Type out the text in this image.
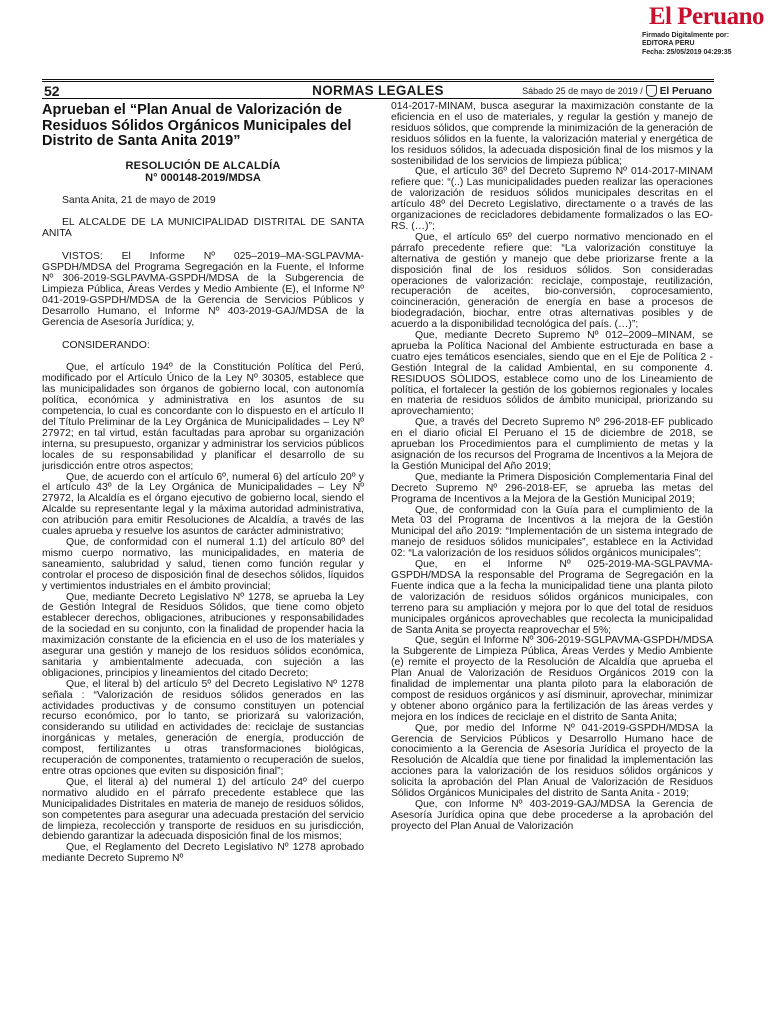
El Peruano
Firmado Digitalmente por:
EDITORA PERU
Fecha: 25/05/2019 04:29:35
52	NORMAS LEGALES	Sábado 25 de mayo de 2019 / El Peruano
Aprueban el “Plan Anual de Valorización de Residuos Sólidos Orgánicos Municipales del Distrito de Santa Anita 2019”
RESOLUCIÓN DE ALCALDÍA
N° 000148-2019/MDSA

Santa Anita, 21 de mayo de 2019

EL ALCALDE DE LA MUNICIPALIDAD DISTRITAL DE SANTA ANITA

VISTOS: El Informe Nº 025–2019–MA-SGLPAVMA-GSPDH/MDSA del Programa Segregación en la Fuente, el Informe Nº 306-2019-SGLPAVMA-GSPDH/MDSA de la Subgerencia de Limpieza Pública, Áreas Verdes y Medio Ambiente (E), el Informe Nº 041-2019-GSPDH/MDSA de la Gerencia de Servicios Públicos y Desarrollo Humano, el Informe Nº 403-2019-GAJ/MDSA de la Gerencia de Asesoría Jurídica; y,

CONSIDERANDO:

Que, el artículo 194º de la Constitución Política del Perú, modificado por el Artículo Único de la Ley Nº 30305, establece que las municipalidades son órganos de gobierno local, con autonomía política, económica y administrativa en los asuntos de su competencia, lo cual es concordante con lo dispuesto en el artículo II del Título Preliminar de la Ley Orgánica de Municipalidades – Ley Nº 27972; en tal virtud, están facultadas para aprobar su organización interna, su presupuesto, organizar y administrar los servicios públicos locales de su responsabilidad y planificar el desarrollo de su jurisdicción entre otros aspectos;

Que, de acuerdo con el artículo 6º, numeral 6) del artículo 20º y el artículo 43º de la Ley Orgánica de Municipalidades – Ley Nº 27972, la Alcaldía es el órgano ejecutivo de gobierno local, siendo el Alcalde su representante legal y la máxima autoridad administrativa, con atribución para emitir Resoluciones de Alcaldía, a través de las cuales aprueba y resuelve los asuntos de carácter administrativo;

Que, de conformidad con el numeral 1.1) del artículo 80º del mismo cuerpo normativo, las municipalidades, en materia de saneamiento, salubridad y salud, tienen como función regular y controlar el proceso de disposición final de desechos sólidos, líquidos y vertimientos industriales en el ámbito provincial;

Que, mediante Decreto Legislativo Nº 1278, se aprueba la Ley de Gestión Integral de Residuos Sólidos, que tiene como objeto establecer derechos, obligaciones, atribuciones y responsabilidades de la sociedad en su conjunto, con la finalidad de propender hacia la maximización constante de la eficiencia en el uso de los materiales y asegurar una gestión y manejo de los residuos sólidos económica, sanitaria y ambientalmente adecuada, con sujeción a las obligaciones, principios y lineamientos del citado Decreto;

Que, el literal b) del artículo 5º del Decreto Legislativo Nº 1278 señala : “Valorización de residuos sólidos generados en las actividades productivas y de consumo constituyen un potencial recurso económico, por lo tanto, se priorizará su valorización, considerando su utilidad en actividades de: reciclaje de sustancias inorgánicas y metales, generación de energía, producción de compost, fertilizantes u otras transformaciones biológicas, recuperación de componentes, tratamiento o recuperación de suelos, entre otras opciones que eviten su disposición final”;

Que, el literal a) del numeral 1) del artículo 24º del cuerpo normativo aludido en el párrafo precedente establece que las Municipalidades Distritales en materia de manejo de residuos sólidos, son competentes para asegurar una adecuada prestación del servicio de limpieza, recolección y transporte de residuos en su jurisdicción, debiendo garantizar la adecuada disposición final de los mismos;

Que, el Reglamento del Decreto Legislativo Nº 1278 aprobado mediante Decreto Supremo Nº

014-2017-MINAM, busca asegurar la maximización constante de la eficiencia en el uso de materiales, y regular la gestión y manejo de residuos sólidos, que comprende la minimización de la generación de residuos sólidos en la fuente, la valorización material y energética de los residuos sólidos, la adecuada disposición final de los mismos y la sostenibilidad de los servicios de limpieza pública;

Que, el artículo 36º del Decreto Supremo Nº 014-2017-MINAM refiere que: “(..) Las municipalidades pueden realizar las operaciones de valorización de residuos sólidos municipales descritas en el artículo 48º del Decreto Legislativo, directamente o a través de las organizaciones de recicladores debidamente formalizados o las EO-RS. (…)”;

Que, el artículo 65º del cuerpo normativo mencionado en el párrafo precedente refiere que: “La valorización constituye la alternativa de gestión y manejo que debe priorizarse frente a la disposición final de los residuos sólidos. Son consideradas operaciones de valorización: reciclaje, compostaje, reutilización, recuperación de aceites, bio-conversión, coprocesamiento, coincineración, generación de energía en base a procesos de biodegradación, biochar, entre otras alternativas posibles y de acuerdo a la disponibilidad tecnológica del país. (…)”;

Que, mediante Decreto Supremo Nº 012–2009–MINAM, se aprueba la Política Nacional del Ambiente estructurada en base a cuatro ejes temáticos esenciales, siendo que en el Eje de Política 2 - Gestión Integral de la calidad Ambiental, en su componente 4. RESIDUOS SÓLIDOS, establece como uno de los Lineamiento de política, el fortalecer la gestión de los gobiernos regionales y locales en materia de residuos sólidos de ámbito municipal, priorizando su aprovechamiento;

Que, a través del Decreto Supremo Nº 296-2018-EF publicado en el diario oficial El Peruano el 15 de diciembre de 2018, se aprueban los Procedimientos para el cumplimiento de metas y la asignación de los recursos del Programa de Incentivos a la Mejora de la Gestión Municipal del Año 2019;

Que, mediante la Primera Disposición Complementaria Final del Decreto Supremo Nº 296-2018-EF, se aprueba las metas del Programa de Incentivos a la Mejora de la Gestión Municipal 2019;

Que, de conformidad con la Guía para el cumplimiento de la Meta 03 del Programa de Incentivos a la mejora de la Gestión Municipal del año 2019: “Implementación de un sistema integrado de manejo de residuos sólidos municipales”, establece en la Actividad 02: “La valorización de los residuos sólidos orgánicos municipales”;

Que, en el Informe Nº 025-2019-MA-SGLPAVMA-GSPDH/MDSA la responsable del Programa de Segregación en la Fuente indica que a la fecha la municipalidad tiene una planta piloto de valorización de residuos sólidos orgánicos municipales, con terreno para su ampliación y mejora por lo que del total de residuos municipales orgánicos aprovechables que recolecta la municipalidad de Santa Anita se proyecta reaprovechar el 5%;

Que, según el Informe Nº 306-2019-SGLPAVMA-GSPDH/MDSA la Subgerente de Limpieza Pública, Áreas Verdes y Medio Ambiente (e) remite el proyecto de la Resolución de Alcaldía que aprueba el Plan Anual de Valorización de Residuos Orgánicos 2019 con la finalidad de implementar una planta piloto para la elaboración de compost de residuos orgánicos y así disminuir, aprovechar, minimizar y obtener abono orgánico para la fertilización de las áreas verdes y mejora en los índices de reciclaje en el distrito de Santa Anita;

Que, por medio del Informe Nº 041-2019-GSPDH/MDSA la Gerencia de Servicios Públicos y Desarrollo Humano hace de conocimiento a la Gerencia de Asesoría Jurídica el proyecto de la Resolución de Alcaldía que tiene por finalidad la implementación las acciones para la valorización de los residuos sólidos orgánicos y solicita la aprobación del Plan Anual de Valorización de Residuos Sólidos Orgánicos Municipales del distrito de Santa Anita - 2019;

Que, con Informe Nº 403-2019-GAJ/MDSA la Gerencia de Asesoría Jurídica opina que debe procederse a la aprobación del proyecto del Plan Anual de Valorización
